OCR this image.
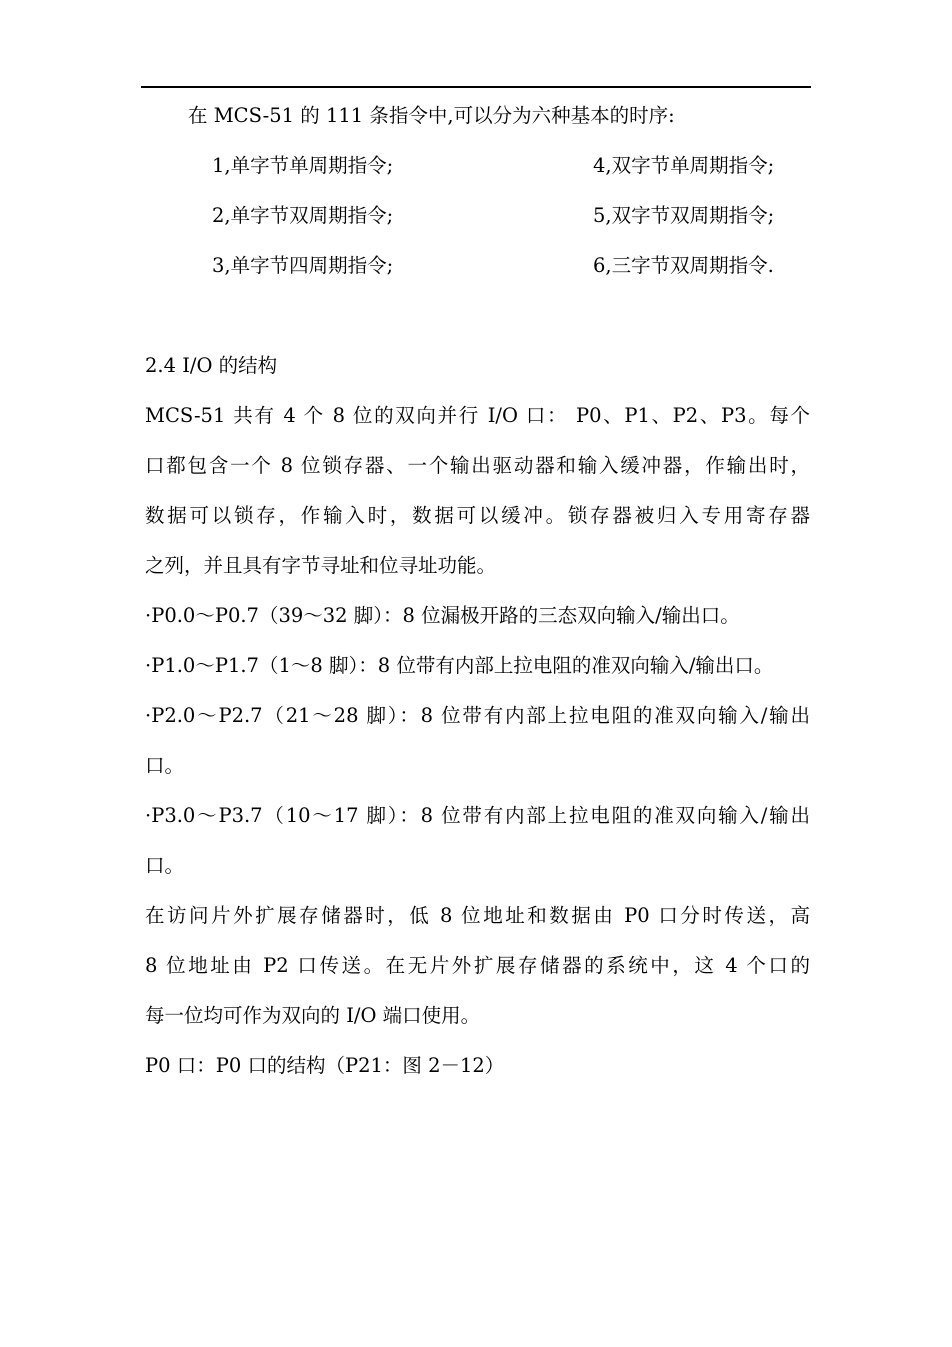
在 MCS-51 的 111 条指令中,可以分为六种基本的时序:
1,单字节单周期指令;	4,双字节单周期指令;
2,单字节双周期指令;	5,双字节双周期指令;
3,单字节四周期指令;	6,三字节双周期指令.
2.4 I/O 的结构
MCS-51 共有 4 个 8 位的双向并行 I/O 口： P0、P1、P2、P3。每个
口都包含一个 8 位锁存器、一个输出驱动器和输入缓冲器，作输出时，
数据可以锁存，作输入时，数据可以缓冲。锁存器被归入专用寄存器
之列，并且具有字节寻址和位寻址功能。
·P0.0～P0.7（39～32 脚）：8 位漏极开路的三态双向输入/输出口。
·P1.0～P1.7（1～8 脚）：8 位带有内部上拉电阻的准双向输入/输出口。
·P2.0～P2.7（21～28 脚）：8 位带有内部上拉电阻的准双向输入/输出
口。
·P3.0～P3.7（10～17 脚）：8 位带有内部上拉电阻的准双向输入/输出
口。
在访问片外扩展存储器时，低 8 位地址和数据由 P0 口分时传送，高
8 位地址由 P2 口传送。在无片外扩展存储器的系统中，这 4 个口的
每一位均可作为双向的 I/O 端口使用。
P0 口：P0 口的结构（P21：图 2－12）
